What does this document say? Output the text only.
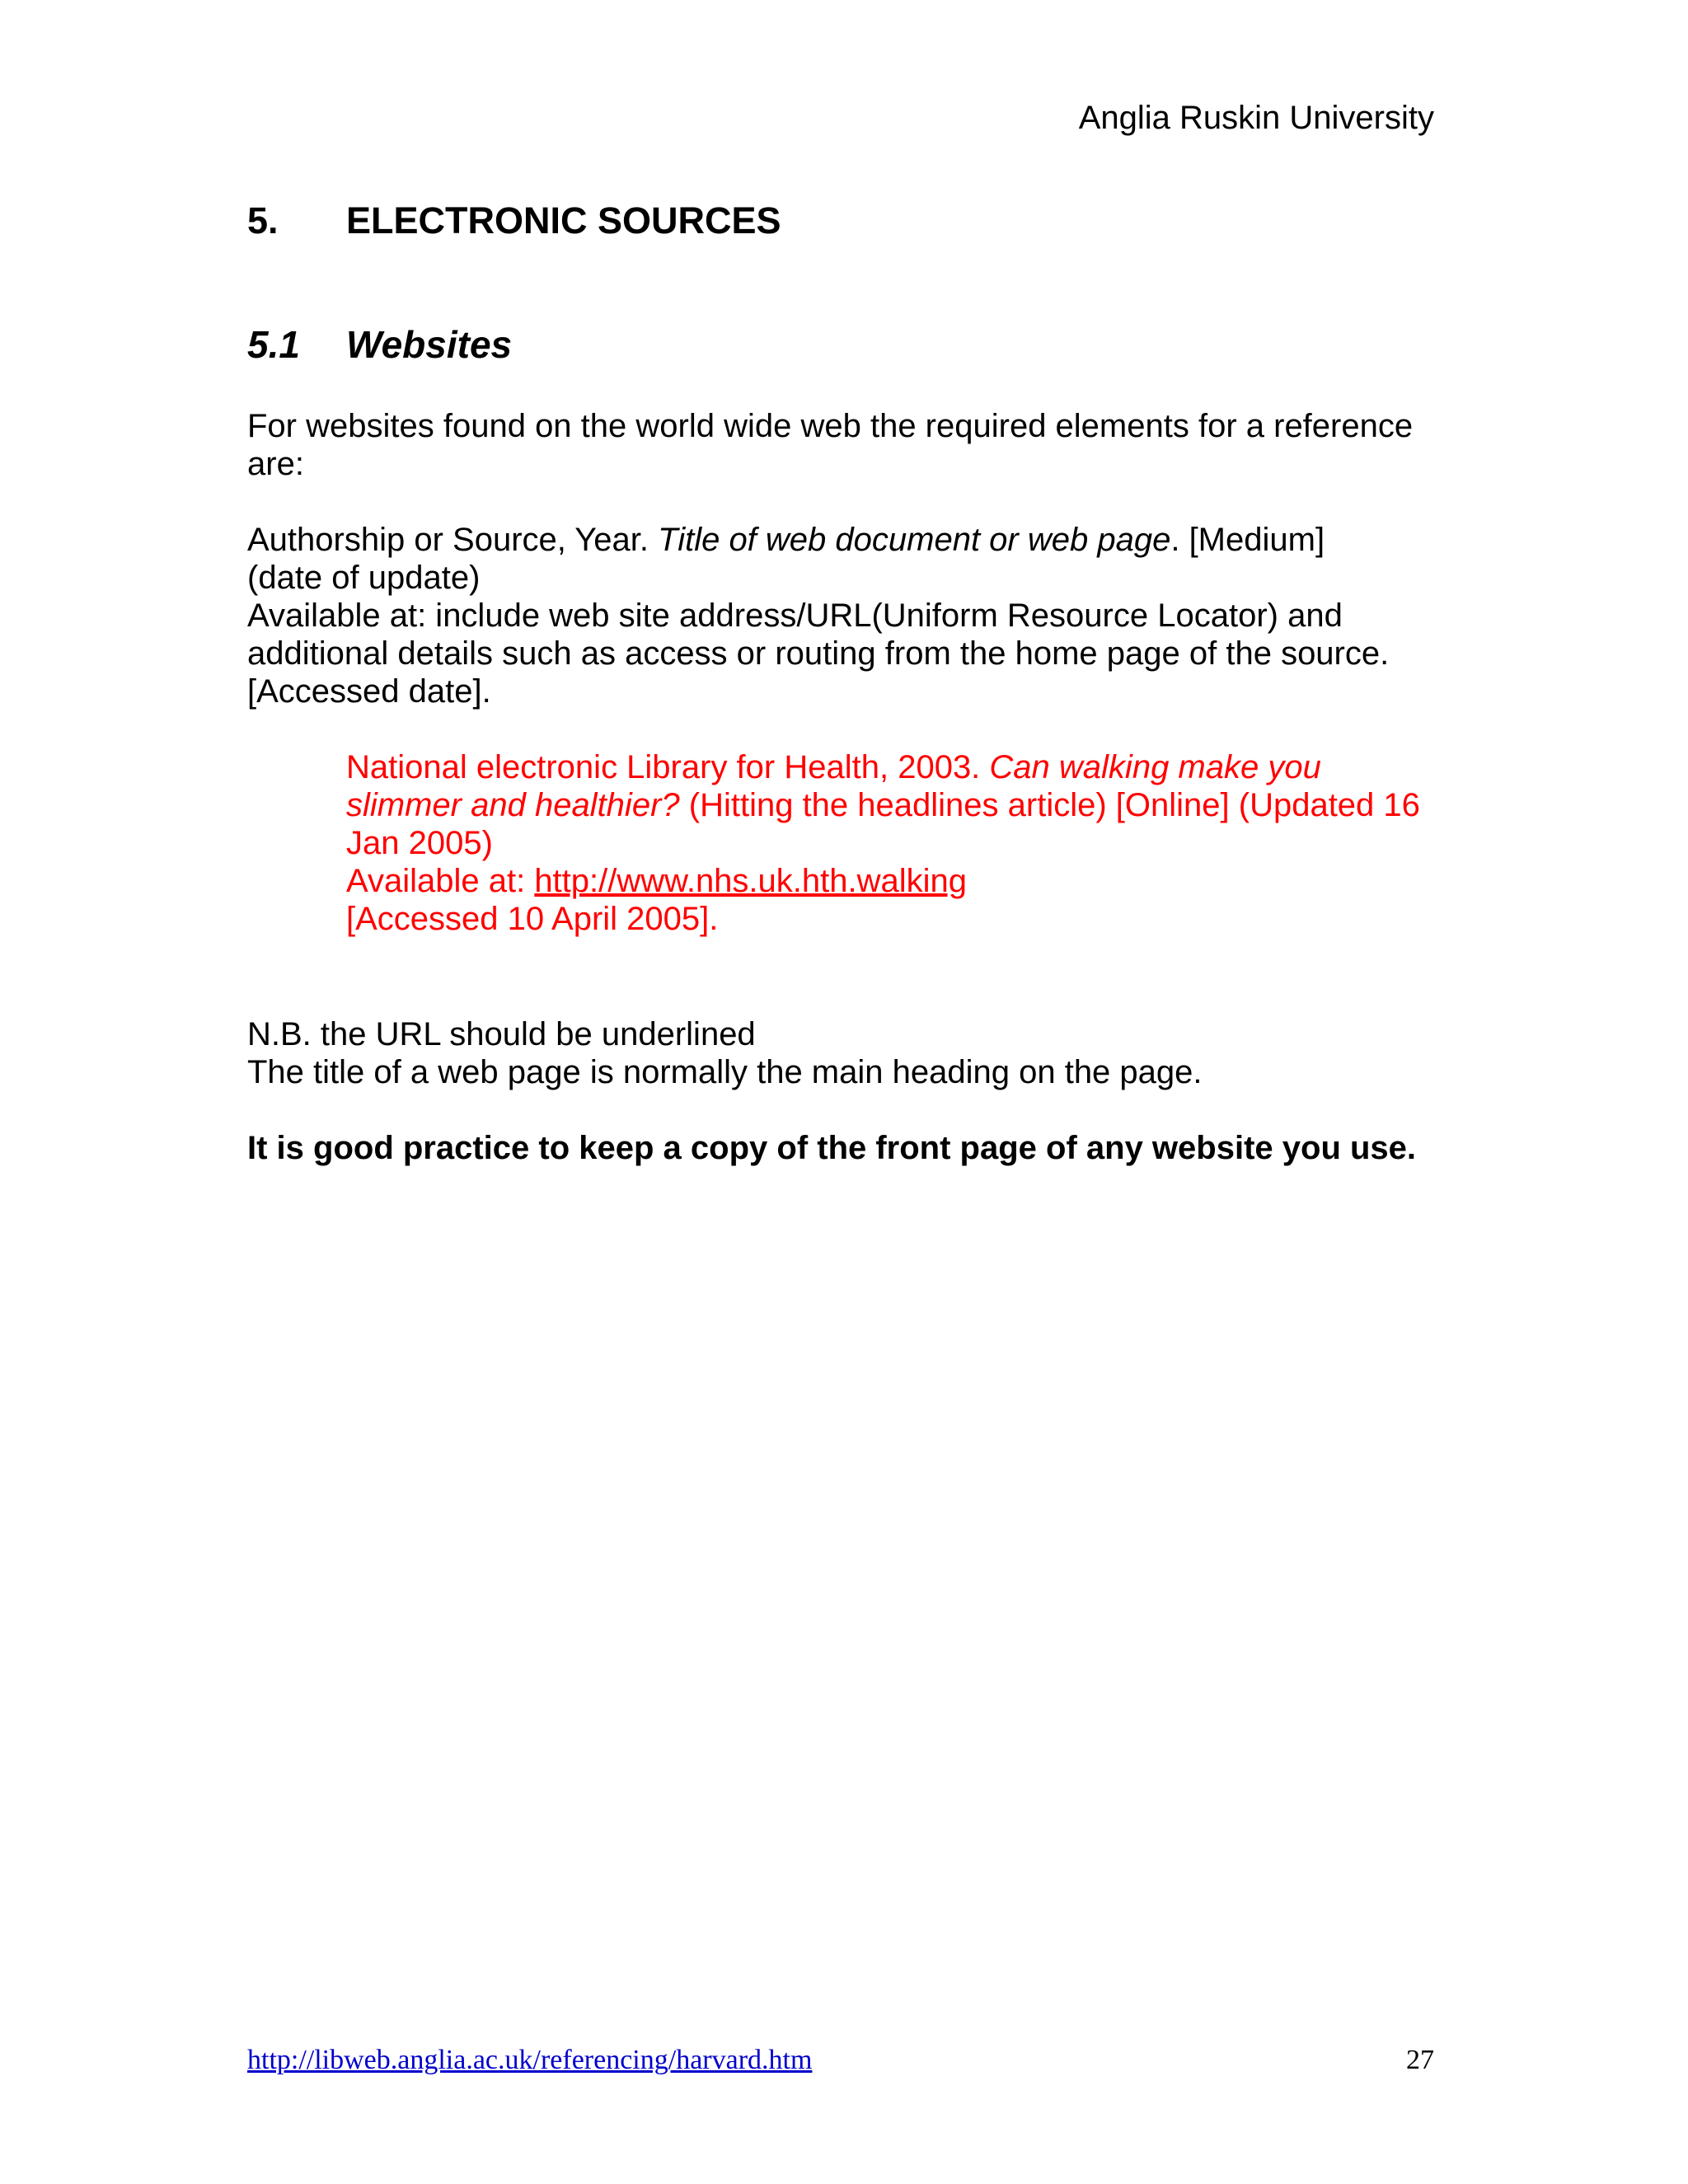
Anglia Ruskin University
5. ELECTRONIC SOURCES
5.1 Websites
For websites found on the world wide web the required elements for a reference
are:
Authorship or Source, Year. Title of web document or web page. [Medium]
(date of update)
Available at: include web site address/URL(Uniform Resource Locator) and
additional details such as access or routing from the home page of the source.
[Accessed date].
National electronic Library for Health, 2003. Can walking make you
slimmer and healthier? (Hitting the headlines article) [Online] (Updated 16
Jan 2005)
Available at: http://www.nhs.uk.hth.walking
[Accessed 10 April 2005].
N.B. the URL should be underlined
The title of a web page is normally the main heading on the page.
It is good practice to keep a copy of the front page of any website you use.
http://libweb.anglia.ac.uk/referencing/harvard.htm	27
